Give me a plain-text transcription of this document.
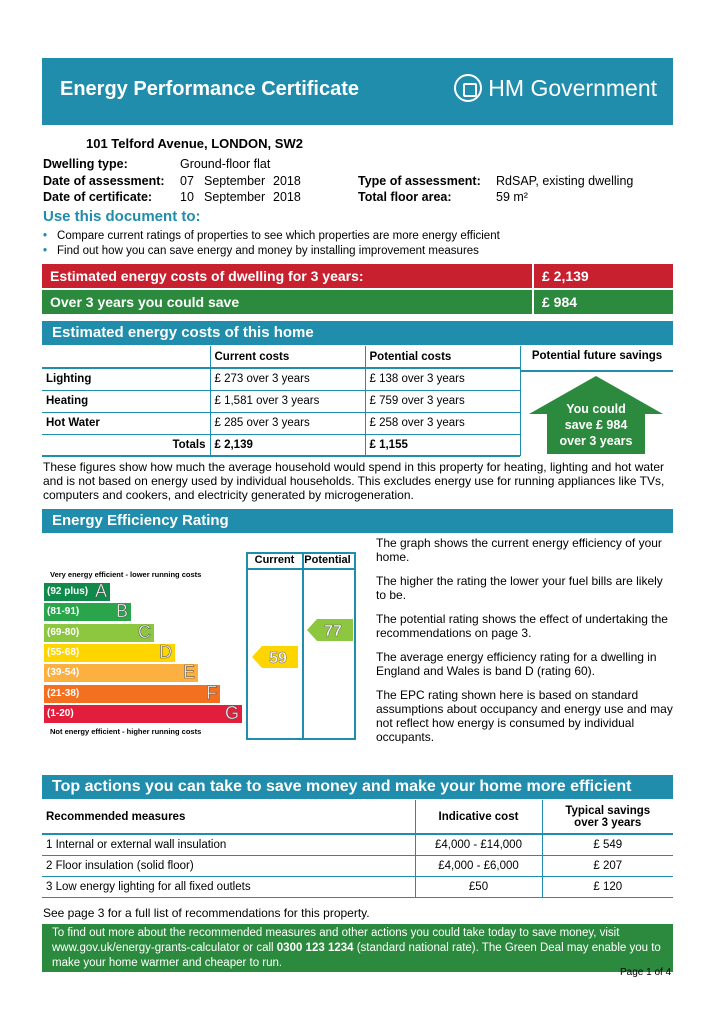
Energy Performance Certificate	HM Government
101 Telford Avenue, LONDON, SW2
Dwelling type:	Ground-floor flat
Date of assessment: 07 September 2018
Date of certificate: 10 September 2018
Type of assessment: RdSAP, existing dwelling
Total floor area:	59 m²
Use this document to:
• Compare current ratings of properties to see which properties are more energy efficient
• Find out how you can save energy and money by installing improvement measures
Estimated energy costs of dwelling for 3 years:	£ 2,139
Over 3 years you could save	£ 984
Estimated energy costs of this home
	Current costs	Potential costs
Lighting	£ 273 over 3 years	£ 138 over 3 years
Heating	£ 1,581 over 3 years	£ 759 over 3 years
Hot Water	£ 285 over 3 years	£ 258 over 3 years
Totals	£ 2,139	£ 1,155
Potential future savings
You could
save £ 984
over 3 years
These figures show how much the average household would spend in this property for heating, lighting and hot water and is not based on energy used by individual households. This excludes energy use for running appliances like TVs, computers and cookers, and electricity generated by microgeneration.
Energy Efficiency Rating
Very energy efficient - lower running costs
(92 plus) A
(81-91) B
(69-80)	C
(55-68)	D
(39-54)	E
(21-38)	F
(1-20)	G
Not energy efficient - higher running costs
Current Potential
59
77

The graph shows the current energy efficiency of your home.

The higher the rating the lower your fuel bills are likely to be.

The potential rating shows the effect of undertaking the recommendations on page 3.

The average energy efficiency rating for a dwelling in England and Wales is band D (rating 60).

The EPC rating shown here is based on standard assumptions about occupancy and energy use and may not reflect how energy is consumed by individual occupants.

Top actions you can take to save money and make your home more efficient
Recommended measures	Indicative cost	Typical savings
over 3 years

1 Internal or external wall insulation	£4,000 - £14,000	£ 549
2 Floor insulation (solid floor)	£4,000 - £6,000	£ 207
3 Low energy lighting for all fixed outlets	£50	£ 120
See page 3 for a full list of recommendations for this property.
To find out more about the recommended measures and other actions you could take today to save money, visit www.gov.uk/energy-grants-calculator or call 0300 123 1234 (standard national rate). The Green Deal may enable you to make your home warmer and cheaper to run.
Page 1 of 4
